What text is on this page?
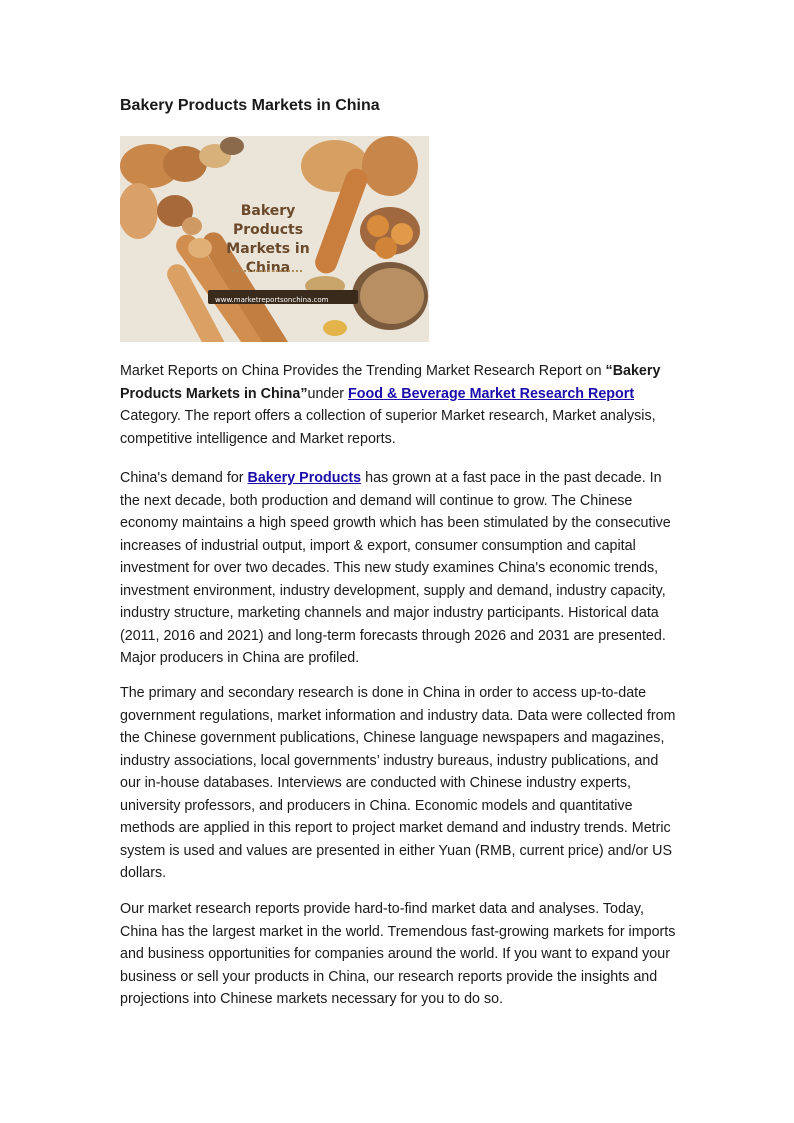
Bakery Products Markets in China
Bakery Products
Markets in
China
www.marketreportsonchina.com

Market Reports on China Provides the Trending Market Research Report on “Bakery Products Markets in China”under Food & Beverage Market Research Report Category. The report offers a collection of superior Market research, Market analysis, competitive intelligence and Market reports.

China's demand for Bakery Products has grown at a fast pace in the past decade. In the next decade, both production and demand will continue to grow. The Chinese economy maintains a high speed growth which has been stimulated by the consecutive increases of industrial output, import & export, consumer consumption and capital investment for over two decades. This new study examines China's economic trends, investment environment, industry development, supply and demand, industry capacity, industry structure, marketing channels and major industry participants. Historical data (2011, 2016 and 2021) and long-term forecasts through 2026 and 2031 are presented. Major producers in China are profiled.

The primary and secondary research is done in China in order to access up-to-date government regulations, market information and industry data. Data were collected from the Chinese government publications, Chinese language newspapers and magazines, industry associations, local governments’ industry bureaus, industry publications, and our in-house databases. Interviews are conducted with Chinese industry experts, university professors, and producers in China. Economic models and quantitative methods are applied in this report to project market demand and industry trends. Metric system is used and values are presented in either Yuan (RMB, current price) and/or US dollars.

Our market research reports provide hard-to-find market data and analyses. Today, China has the largest market in the world. Tremendous fast-growing markets for imports and business opportunities for companies around the world. If you want to expand your business or sell your products in China, our research reports provide the insights and projections into Chinese markets necessary for you to do so.
